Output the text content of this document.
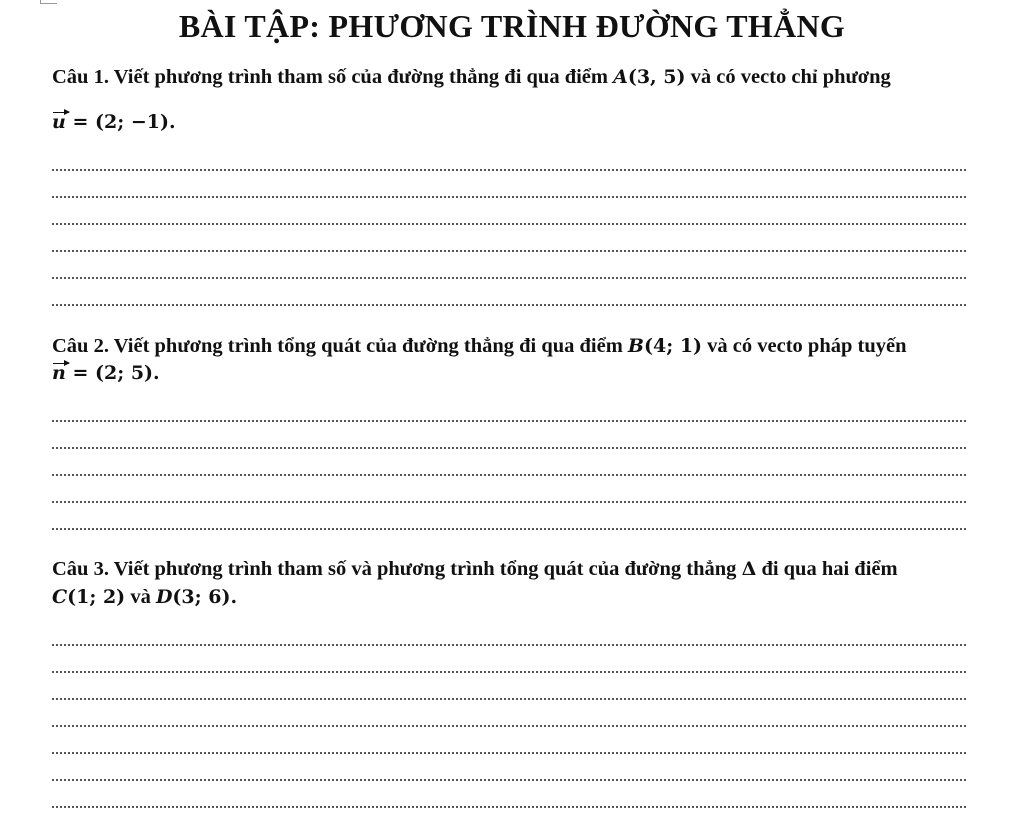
BÀI TẬP: PHƯƠNG TRÌNH ĐƯỜNG THẲNG
Câu 1. Viết phương trình tham số của đường thẳng đi qua điểm A(3, 5) và có vecto chỉ phương
u = (2; −1).
Câu 2. Viết phương trình tổng quát của đường thẳng đi qua điểm B(4; 1) và có vecto pháp tuyến
n = (2; 5).
Câu 3. Viết phương trình tham số và phương trình tổng quát của đường thẳng Δ đi qua hai điểm
C(1; 2) và D(3; 6).
